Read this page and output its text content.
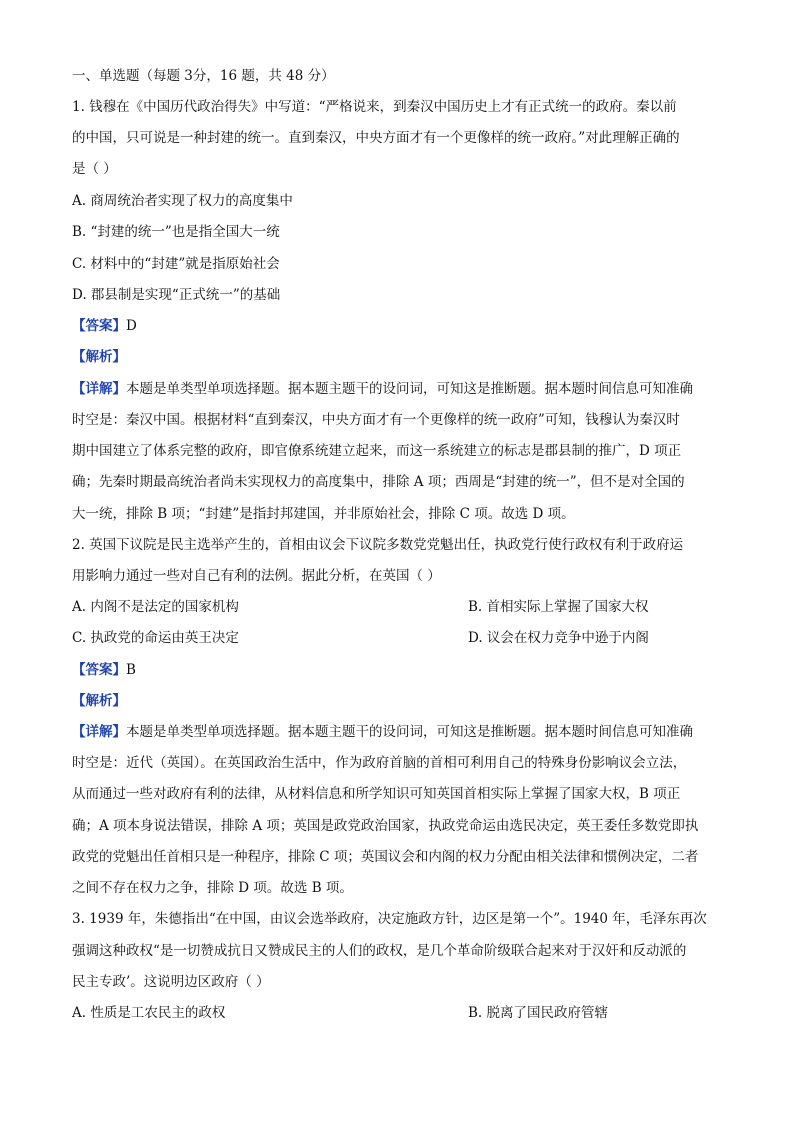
一、单选题（每题 3分，16 题，共 48 分）
1. 钱穆在《中国历代政治得失》中写道：“严格说来，到秦汉中国历史上才有正式统一的政府。秦以前
的中国，只可说是一种封建的统一。直到秦汉，中央方面才有一个更像样的统一政府。”对此理解正确的
是（ ）
A. 商周统治者实现了权力的高度集中
B. “封建的统一”也是指全国大一统
C. 材料中的“封建”就是指原始社会
D. 郡县制是实现“正式统一”的基础
【答案】D
【解析】
【详解】本题是单类型单项选择题。据本题主题干的设问词，可知这是推断题。据本题时间信息可知准确
时空是：秦汉中国。根据材料“直到秦汉，中央方面才有一个更像样的统一政府”可知，钱穆认为秦汉时
期中国建立了体系完整的政府，即官僚系统建立起来，而这一系统建立的标志是郡县制的推广，D 项正
确；先秦时期最高统治者尚未实现权力的高度集中，排除 A 项；西周是“封建的统一”，但不是对全国的
大一统，排除 B 项；“封建”是指封邦建国，并非原始社会，排除 C 项。故选 D 项。
2. 英国下议院是民主选举产生的，首相由议会下议院多数党党魁出任，执政党行使行政权有利于政府运
用影响力通过一些对自己有利的法例。据此分析，在英国（ ）
A. 内阁不是法定的国家机构	B. 首相实际上掌握了国家大权
C. 执政党的命运由英王决定	D. 议会在权力竞争中逊于内阁
【答案】B
【解析】
【详解】本题是单类型单项选择题。据本题主题干的设问词，可知这是推断题。据本题时间信息可知准确
时空是：近代（英国）。在英国政治生活中，作为政府首脑的首相可利用自己的特殊身份影响议会立法，
从而通过一些对政府有利的法律，从材料信息和所学知识可知英国首相实际上掌握了国家大权，B 项正
确；A 项本身说法错误，排除 A 项；英国是政党政治国家，执政党命运由选民决定，英王委任多数党即执
政党的党魁出任首相只是一种程序，排除 C 项；英国议会和内阁的权力分配由相关法律和惯例决定，二者
之间不存在权力之争，排除 D 项。故选 B 项。
3. 1939 年，朱德指出“在中国，由议会选举政府，决定施政方针，边区是第一个”。1940 年，毛泽东再次
强调这种政权“是一切赞成抗日又赞成民主的人们的政权，是几个革命阶级联合起来对于汉奸和反动派的
民主专政’。这说明边区政府（ ）
A. 性质是工农民主的政权	B. 脱离了国民政府管辖
